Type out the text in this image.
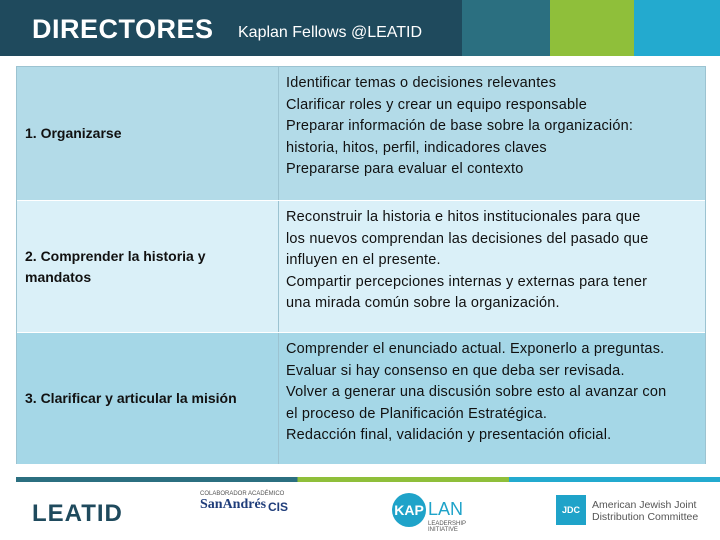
DIRECTORES Kaplan Fellows @LEATID
1. Organizarse
Identificar temas o decisiones relevantes
Clarificar roles y crear un equipo responsable
Preparar información de base sobre la organización:
historia, hitos, perfil, indicadores claves
Prepararse para evaluar el contexto
2. Comprender la historia y mandatos
Reconstruir la historia e hitos institucionales para que
los nuevos comprendan las decisiones del pasado que
influyen en el presente.
Compartir percepciones internas y externas para tener
una mirada común sobre la organización.
3. Clarificar y articular la misión
Comprender el enunciado actual. Exponerlo a preguntas.
Evaluar si hay consenso en que deba ser revisada.
Volver a generar una discusión sobre esto al avanzar con
el proceso de Planificación Estratégica.
Redacción final, validación y presentación oficial.
LEATID
COLABORADOR ACADÉMICO
SanAndrés CIS	KAP LAN
LEADERSHIP INITIATIVE
JDC	American Jewish Joint
Distribution Committee
